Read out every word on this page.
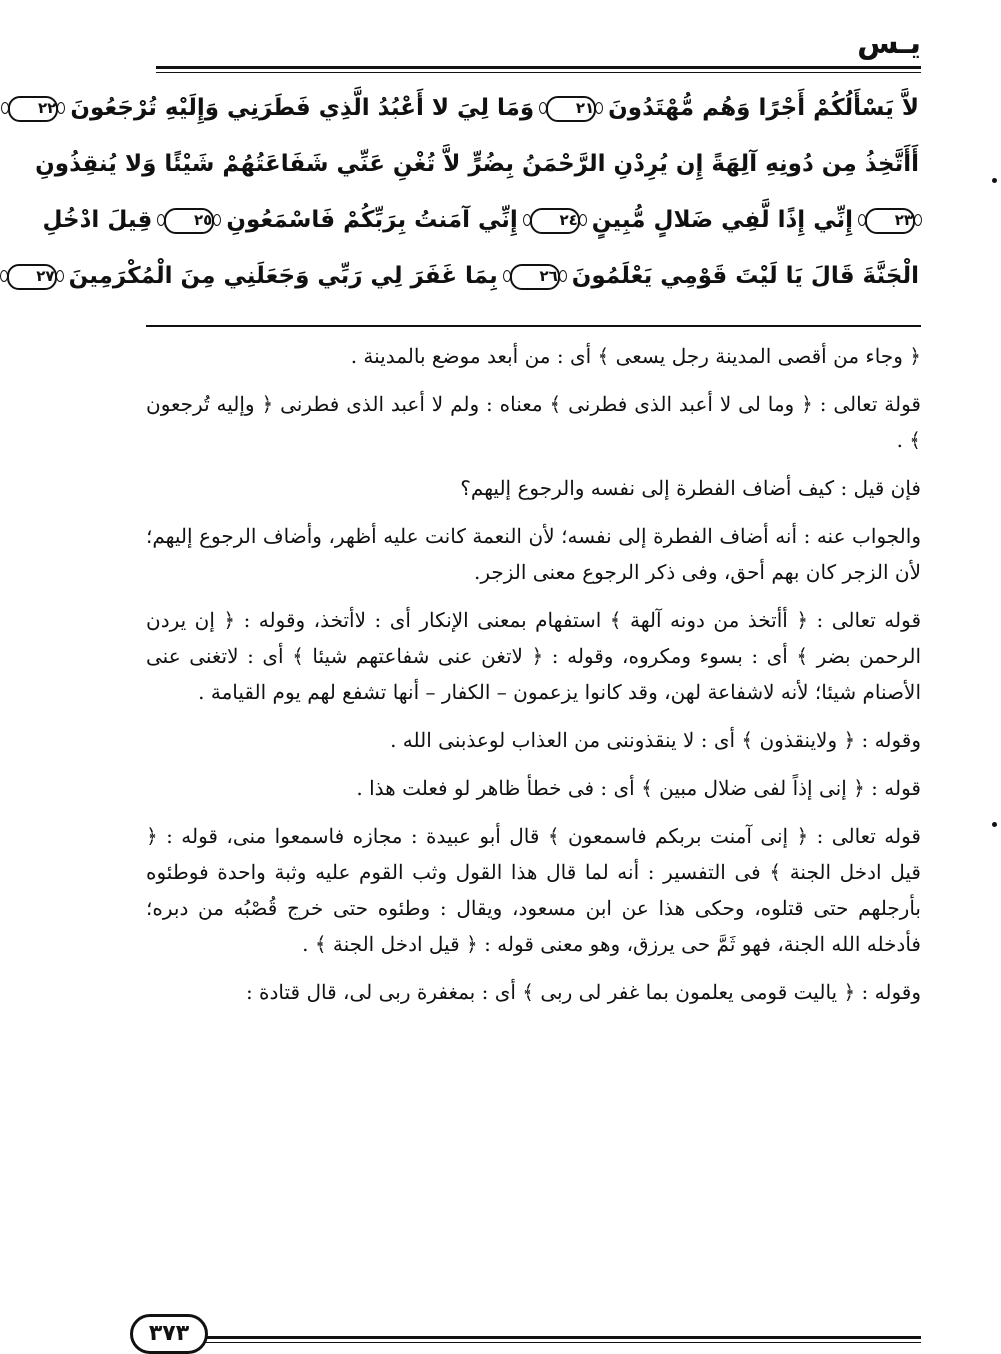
يـس
لاَّ يَسْأَلُكُمْ أَجْرًا وَهُم مُّهْتَدُونَ ٢١ وَمَا لِيَ لا أَعْبُدُ الَّذِي فَطَرَنِي وَإِلَيْهِ تُرْجَعُونَ ٢٢
أَأَتَّخِذُ مِن دُونِهِ آلِهَةً إِن يُرِدْنِ الرَّحْمَنُ بِضُرٍّ لاَّ تُغْنِ عَنِّي شَفَاعَتُهُمْ شَيْئًا وَلا يُنقِذُونِ
٢٣ إِنِّي إِذًا لَّفِي ضَلالٍ مُّبِينٍ ٢٤ إِنِّي آمَنتُ بِرَبِّكُمْ فَاسْمَعُونِ ٢٥ قِيلَ ادْخُلِ
الْجَنَّةَ قَالَ يَا لَيْتَ قَوْمِي يَعْلَمُونَ ٢٦ بِمَا غَفَرَ لِي رَبِّي وَجَعَلَنِي مِنَ الْمُكْرَمِينَ ٢٧

﴿ وجاء من أقصى المدينة رجل يسعى ﴾ أى : من أبعد موضع بالمدينة .

قولة تعالى : ﴿ وما لى لا أعبد الذى فطرنى ﴾ معناه : ولم لا أعبد الذى فطرنى ﴿ وإليه تُرجعون ﴾ .

فإن قيل : كيف أضاف الفطرة إلى نفسه والرجوع إليهم؟

والجواب عنه : أنه أضاف الفطرة إلى نفسه؛ لأن النعمة كانت عليه أظهر، وأضاف الرجوع إليهم؛ لأن الزجر كان بهم أحق، وفى ذكر الرجوع معنى الزجر.

قوله تعالى : ﴿ أأتخذ من دونه آلهة ﴾ استفهام بمعنى الإنكار أى : لاأتخذ، وقوله : ﴿ إن يردن الرحمن بضر ﴾ أى : بسوء ومكروه، وقوله : ﴿ لاتغن عنى شفاعتهم شيئا ﴾ أى : لاتغنى عنى الأصنام شيئا؛ لأنه لاشفاعة لهن، وقد كانوا يزعمون – الكفار – أنها تشفع لهم يوم القيامة .

وقوله : ﴿ ولاينقذون ﴾ أى : لا ينقذوننى من العذاب لوعذبنى الله .

قوله : ﴿ إنى إذاً لفى ضلال مبين ﴾ أى : فى خطأ ظاهر لو فعلت هذا .

قوله تعالى : ﴿ إنى آمنت بربكم فاسمعون ﴾ قال أبو عبيدة : مجازه فاسمعوا منى، قوله : ﴿ قيل ادخل الجنة ﴾ فى التفسير : أنه لما قال هذا القول وثب القوم عليه وثبة واحدة فوطئوه بأرجلهم حتى قتلوه، وحكى هذا عن ابن مسعود، ويقال : وطئوه حتى خرج قُصْبُه من دبره؛ فأدخله الله الجنة، فهو ثَمَّ حى يرزق، وهو معنى قوله : ﴿ قيل ادخل الجنة ﴾ .

وقوله : ﴿ ياليت قومى يعلمون بما غفر لى ربى ﴾ أى : بمغفرة ربى لى، قال قتادة :

٣٧٣
